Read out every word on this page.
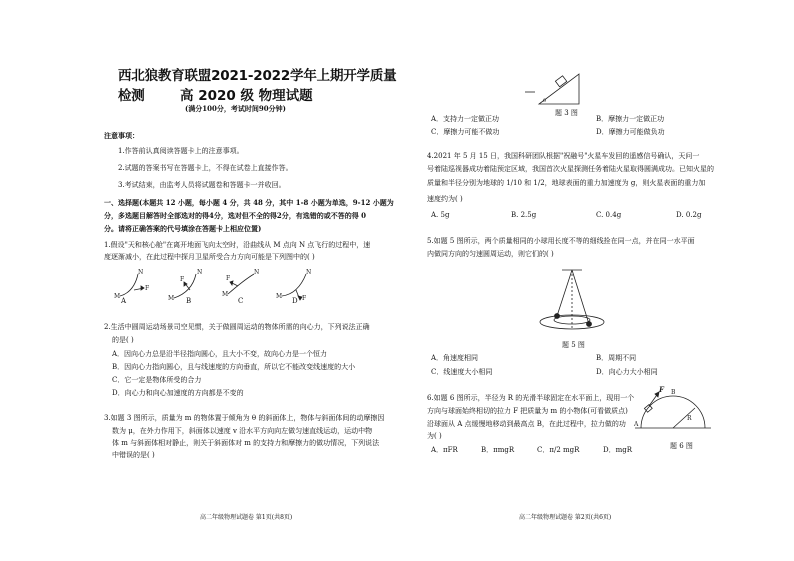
西北狼教育联盟2021-2022学年上期开学质量检测	高 2020 级 物理试题
(满分100分，考试时间90分钟)
注意事项：
1.作答前认真阅读答题卡上的注意事项。
2.试题的答案书写在答题卡上，不得在试卷上直接作答。
3.考试结束，由监考人员将试题卷和答题卡一并收回。
一、选择题(本题共 12 小题，每小题 4 分，共 48 分，其中 1-8 小题为单选，9-12 小题为
分，多选题目解答时全部选对的得4分，选对但不全的得2分，有选错的或不答的得 0
分。请将正确答案的代号填涂在答题卡上相应位置)
1.假设"天和核心舱"在离开地面飞向太空时，沿曲线从 M 点向 N 点飞行的过程中，速
度逐渐减小，在此过程中探月卫星所受合力方向可能是下列图中的( )
M
N
F
M
N
F
M
N
F
M
N
F
A	B	C	D
2.生活中圆周运动场景司空见惯，关于做圆周运动的物体所需的向心力，下列说法正确
的是( )
A．因向心力总是沿半径指向圆心，且大小不变，故向心力是一个恒力
B．因向心力指向圆心，且与线速度的方向垂直，所以它不能改变线速度的大小
C．它一定是物体所受的合力
D．向心力和向心加速度的方向都是不变的
3.如题 3 图所示，质量为 m 的物体置于倾角为 θ 的斜面体上，物体与斜面体间的动摩擦因
数为 μ，在外力作用下，斜面体以速度 v 沿水平方向向左做匀速直线运动，运动中物
体 m 与斜面体相对静止，则关于斜面体对 m 的支持力和摩擦力的做功情况，下列说法
中错误的是( )
高二年级物理试题卷 第1页(共8页)
θ
题 3 图
A．支持力一定做正功	B．摩擦力一定做正功
C．摩擦力可能不做功	D．摩擦力可能做负功
4.2021 年 5 月 15 日，我国科研团队根据"祝融号"火星车发回的遥感信号确认，天问一
号着陆巡视器成功着陆预定区域，我国首次火星探测任务着陆火星取得圆满成功。已知火星的
质量和半径分别为地球的 1/10 和 1/2，地球表面的重力加速度为 g，则火星表面的重力加
速度约为( )
A. 5g	B. 2.5g	C. 0.4g	D. 0.2g
5.如题 5 图所示，两个质量相同的小球用长度不等的细线拴在同一点，并在同一水平面
内做同方向的匀速圆周运动，则它们的( )
题 5 图
A．角速度相同	B．周期不同
C．线速度大小相同	D．向心力大小相同
6.如题 6 图所示，半径为 R 的光滑半球固定在水平面上，现用一个
方向与球面始终相切的拉力 F 把质量为 m 的小物体(可看做质点)
沿球面从 A 点缓慢地移动到最高点 B，在此过程中，拉力做的功
为( )
A．πFR	B．πmgR	C．π/2 mgR	D．mgR
F B
A
R
题 6 图
高二年级物理试题卷 第2页(共6页)
